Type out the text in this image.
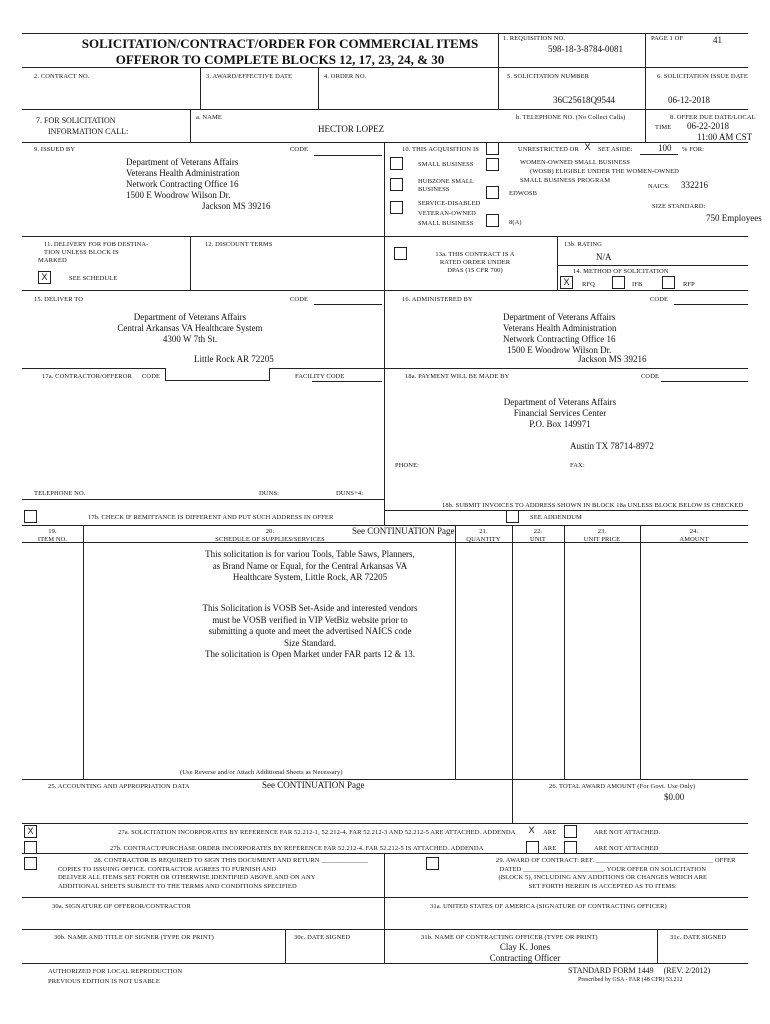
SOLICITATION/CONTRACT/ORDER FOR COMMERCIAL ITEMS
OFFEROR TO COMPLETE BLOCKS 12, 17, 23, 24, & 30
1. REQUISITION NO.
598-18-3-8784-0081
PAGE 1 OF	41
2. CONTRACT NO.	3. AWARD/EFFECTIVE DATE	4. ORDER NO.	5. SOLICITATION NUMBER
36C25618Q9544
6. SOLICITATION ISSUE DATE
06-12-2018
7. FOR SOLICITATION
INFORMATION CALL:
a. NAME
HECTOR LOPEZ
b. TELEPHONE NO. (No Collect Calls)	8. OFFER DUE DATE/LOCAL
TIME 06-22-2018
11:00 AM CST
9. ISSUED BY	CODE
Department of Veterans Affairs
Veterans Health Administration
Network Contracting Office 16
1500 E Woodrow Wilson Dr.
Jackson MS 39216
10. THIS ACQUISITION IS	UNRESTRICTED OR X	SET ASIDE:	100 % FOR:
SMALL BUSINESS
HUBZONE SMALL
BUSINESS
SERVICE-DISABLED
VETERAN-OWNED
SMALL BUSINESS
WOMEN-OWNED SMALL BUSINESS
(WOSB) ELIGIBLE UNDER THE WOMEN-OWNED
SMALL BUSINESS PROGRAM
EDWOSB
8(A)
NAICS: 332216
SIZE STANDARD:
750 Employees
11. DELIVERY FOR FOB DESTINA-
TION UNLESS BLOCK IS
MARKED
X	SEE SCHEDULE
12. DISCOUNT TERMS
13a. THIS CONTRACT IS A
RATED ORDER UNDER
DPAS (15 CFR 700)
13b. RATING
N/A
14. METHOD OF SOLICITATION
X	RFQ	IFB	RFP
15. DELIVER TO	CODE
Department of Veterans Affairs
Central Arkansas VA Healthcare System
4300 W 7th St.
Little Rock AR 72205
16. ADMINISTERED BY	CODE
Department of Veterans Affairs
Veterans Health Administration
Network Contracting Office 16
1500 E Woodrow Wilson Dr.
Jackson MS 39216
17a. CONTRACTOR/OFFEROR CODE	FACILITY CODE
TELEPHONE NO.	DUNS:	DUNS+4:
17b. CHECK IF REMITTANCE IS DIFFERENT AND PUT SUCH ADDRESS IN OFFER
18a. PAYMENT WILL BE MADE BY	CODE
Department of Veterans Affairs
Financial Services Center
P.O. Box 149971
Austin TX 78714-8972
PHONE:	FAX:
18b. SUBMIT INVOICES TO ADDRESS SHOWN IN BLOCK 18a UNLESS BLOCK BELOW IS CHECKED
SEE ADDENDUM
19.
ITEM NO.
20.
SCHEDULE OF SUPPLIES/SERVICES
See CONTINUATION Page	21.
QUANTITY
22.
UNIT
23.
UNIT PRICE
24.
AMOUNT
This solicitation is for variou Tools, Table Saws, Planners,
as Brand Name or Equal, for the Central Arkansas VA
Healthcare System, Little Rock, AR 72205
This Solicitation is VOSB Set-Aside and interested vendors
must be VOSB verified in VIP VetBiz website prior to
submitting a quote and meet the advertised NAICS code
Size Standard.
The solicitation is Open Market under FAR parts 12 & 13.
(Use Reverse and/or Attach Additional Sheets as Necessary)
25. ACCOUNTING AND APPROPRIATION DATA	See CONTINUATION Page	26. TOTAL AWARD AMOUNT (For Govt. Use Only)
$0.00
X	27a. SOLICITATION INCORPORATES BY REFERENCE FAR 52.212-1, 52.212-4. FAR 52.212-3 AND 52.212-5 ARE ATTACHED. ADDENDA X	ARE	ARE NOT ATTACHED.
27b. CONTRACT/PURCHASE ORDER INCORPORATES BY REFERENCE FAR 52.212-4. FAR 52.212-5 IS ATTACHED. ADDENDA	ARE	ARE NOT ATTACHED
28. CONTRACTOR IS REQUIRED TO SIGN THIS DOCUMENT AND RETURN ______________
COPIES TO ISSUING OFFICE. CONTRACTOR AGREES TO FURNISH AND
DELIVER ALL ITEMS SET FORTH OR OTHERWISE IDENTIFIED ABOVE AND ON ANY
ADDITIONAL SHEETS SUBJECT TO THE TERMS AND CONDITIONS SPECIFIED
29. AWARD OF CONTRACT: REF. ___________________________________ OFFER
DATED ________________________. YOUR OFFER ON SOLICITATION
(BLOCK 5), INCLUDING ANY ADDITIONS OR CHANGES WHICH ARE
SET FORTH HEREIN IS ACCEPTED AS TO ITEMS:
30a. SIGNATURE OF OFFEROR/CONTRACTOR	31a. UNITED STATES OF AMERICA (SIGNATURE OF CONTRACTING OFFICER)
30b. NAME AND TITLE OF SIGNER (TYPE OR PRINT)	30c. DATE SIGNED	31b. NAME OF CONTRACTING OFFICER (TYPE OR PRINT)
Clay K. Jones
Contracting Officer
31c. DATE SIGNED
AUTHORIZED FOR LOCAL REPRODUCTION
PREVIOUS EDITION IS NOT USABLE
STANDARD FORM 1449 (REV. 2/2012)
Prescribed by GSA - FAR (48 CFR) 53.212
